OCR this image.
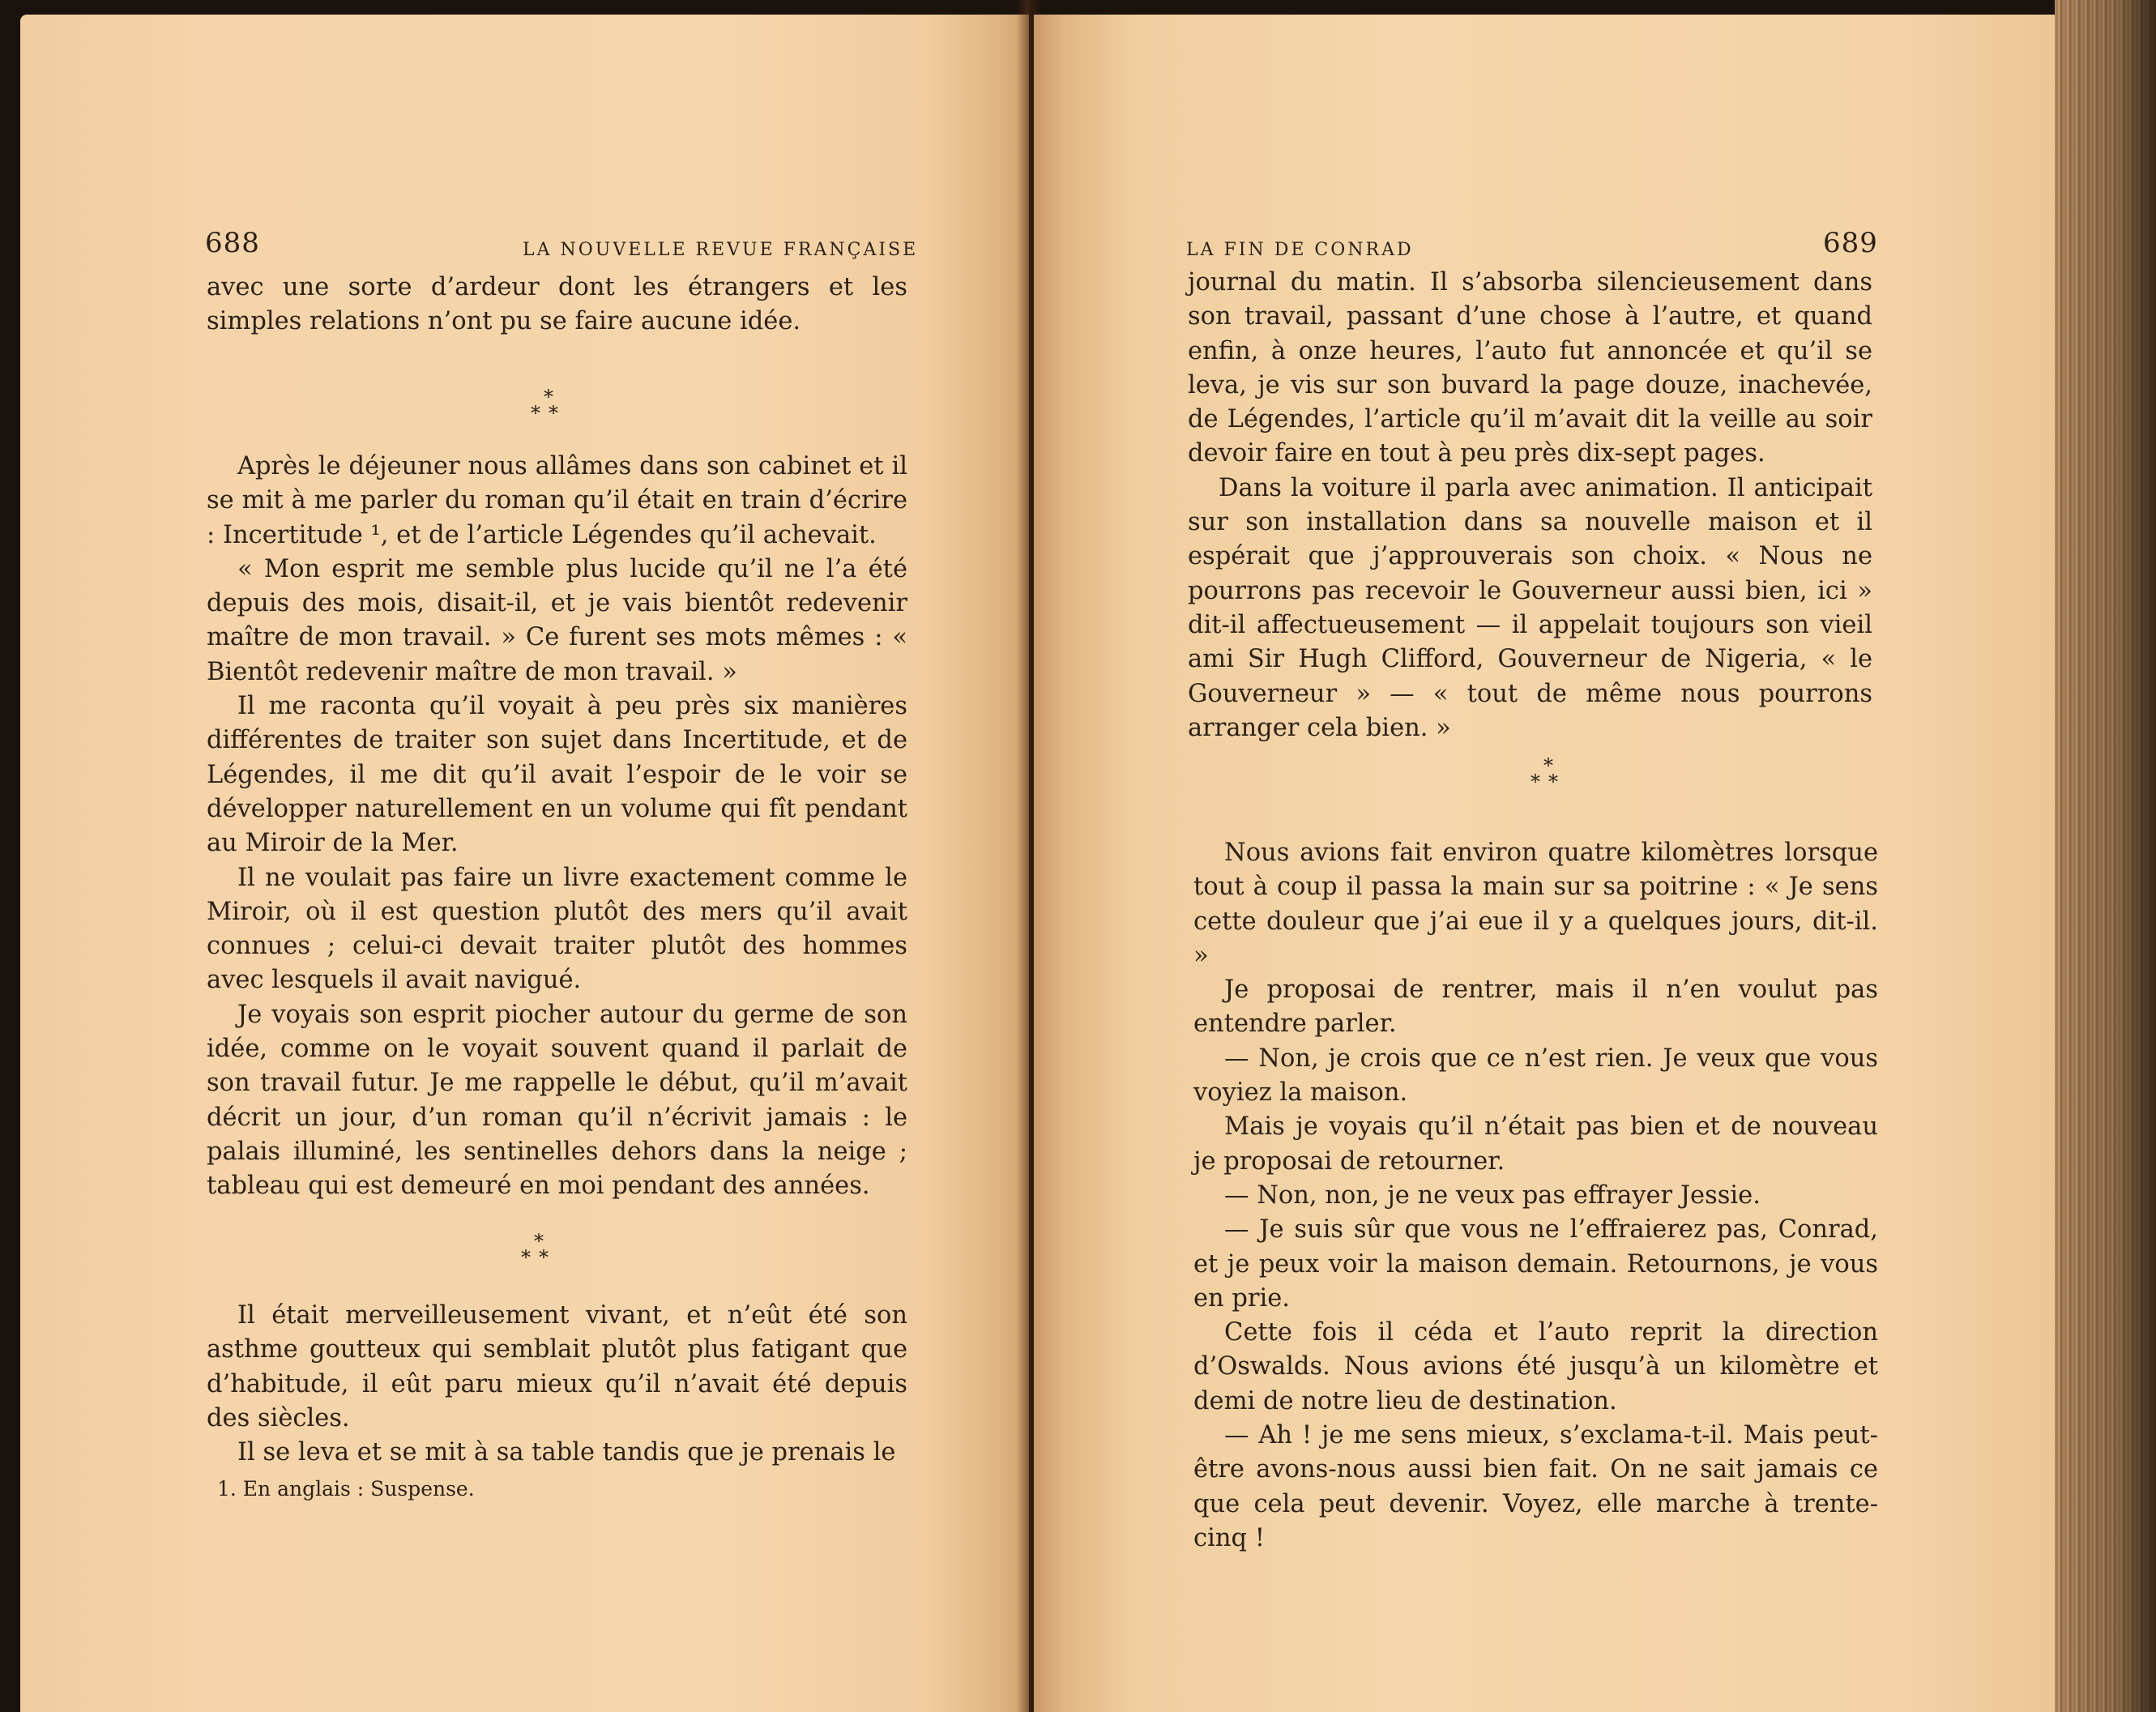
688	LA NOUVELLE REVUE FRANÇAISE

avec une sorte d’ardeur dont les étrangers et les simples relations n’ont pu se faire aucune idée.

*
**

Après le déjeuner nous allâmes dans son cabinet et il se mit à me parler du roman qu’il était en train d’écrire : Incertitude ¹, et de l’article Légendes qu’il achevait.

« Mon esprit me semble plus lucide qu’il ne l’a été depuis des mois, disait-il, et je vais bientôt redevenir maître de mon travail. » Ce furent ses mots mêmes : « Bientôt redevenir maître de mon travail. »

Il me raconta qu’il voyait à peu près six manières différentes de traiter son sujet dans Incertitude, et de Légendes, il me dit qu’il avait l’espoir de le voir se développer naturellement en un volume qui fît pendant au Miroir de la Mer.

Il ne voulait pas faire un livre exactement comme le Miroir, où il est question plutôt des mers qu’il avait connues ; celui-ci devait traiter plutôt des hommes avec lesquels il avait navigué.

Je voyais son esprit piocher autour du germe de son idée, comme on le voyait souvent quand il parlait de son travail futur. Je me rappelle le début, qu’il m’avait décrit un jour, d’un roman qu’il n’écrivit jamais : le palais illuminé, les sentinelles dehors dans la neige ; tableau qui est demeuré en moi pendant des années.

*
**

Il était merveilleusement vivant, et n’eût été son asthme goutteux qui semblait plutôt plus fatigant que d’habitude, il eût paru mieux qu’il n’avait été depuis des siècles.

Il se leva et se mit à sa table tandis que je prenais le

1. En anglais : Suspense.
LA FIN DE CONRAD	689

journal du matin. Il s’absorba silencieusement dans son travail, passant d’une chose à l’autre, et quand enfin, à onze heures, l’auto fut annoncée et qu’il se leva, je vis sur son buvard la page douze, inachevée, de Légendes, l’article qu’il m’avait dit la veille au soir devoir faire en tout à peu près dix-sept pages.

Dans la voiture il parla avec animation. Il anticipait sur son installation dans sa nouvelle maison et il espérait que j’approuverais son choix. « Nous ne pourrons pas recevoir le Gouverneur aussi bien, ici » dit-il affectueusement — il appelait toujours son vieil ami Sir Hugh Clifford, Gouverneur de Nigeria, « le Gouverneur » — « tout de même nous pourrons arranger cela bien. »

*
**

Nous avions fait environ quatre kilomètres lorsque tout à coup il passa la main sur sa poitrine : « Je sens cette douleur que j’ai eue il y a quelques jours, dit-il. »

Je proposai de rentrer, mais il n’en voulut pas entendre parler.

— Non, je crois que ce n’est rien. Je veux que vous voyiez la maison.

Mais je voyais qu’il n’était pas bien et de nouveau je proposai de retourner.

— Non, non, je ne veux pas effrayer Jessie.

— Je suis sûr que vous ne l’effraierez pas, Conrad, et je peux voir la maison demain. Retournons, je vous en prie.

Cette fois il céda et l’auto reprit la direction d’Oswalds. Nous avions été jusqu’à un kilomètre et demi de notre lieu de destination.

— Ah ! je me sens mieux, s’exclama-t-il. Mais peut-être avons-nous aussi bien fait. On ne sait jamais ce que cela peut devenir. Voyez, elle marche à trente-cinq !
